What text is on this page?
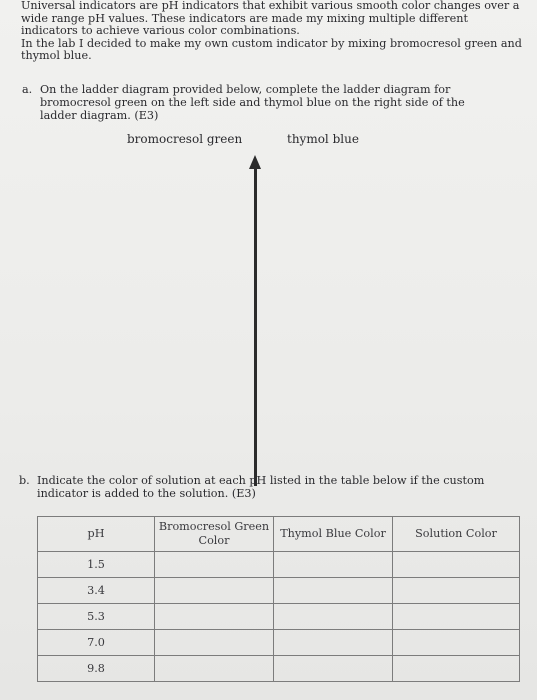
Universal indicators are pH indicators that exhibit various smooth color changes over a wide range pH values. These indicators are made my mixing multiple different indicators to achieve various color combinations.

In the lab I decided to make my own custom indicator by mixing bromocresol green and thymol blue.

a. On the ladder diagram provided below, complete the ladder diagram for bromocresol green on the left side and thymol blue on the right side of the ladder diagram. (E3)
bromocresol green	thymol blue
b. Indicate the color of solution at each pH listed in the table below if the custom indicator is added to the solution. (E3)
pH	Bromocresol Green Color	Thymol Blue Color	Solution Color
1.5			
3.4			
5.3			
7.0			
9.8			
